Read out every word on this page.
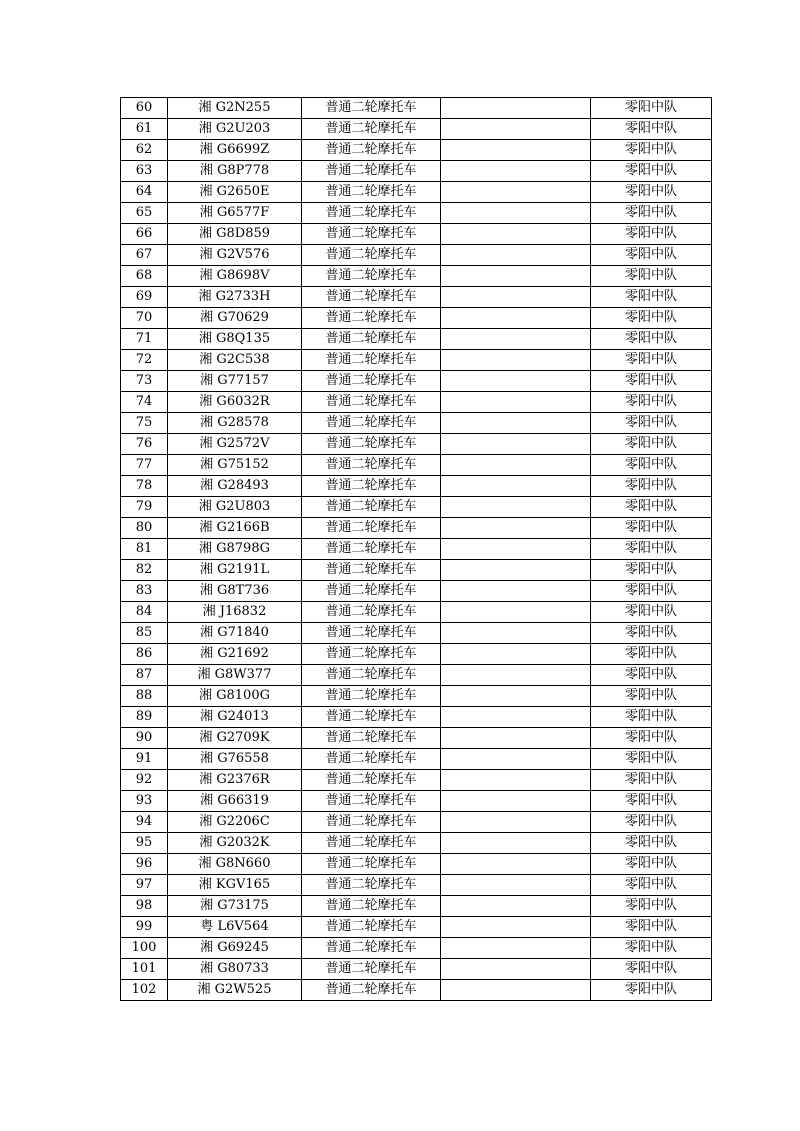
60	湘 G2N255	普通二轮摩托车		零阳中队
61	湘 G2U203	普通二轮摩托车		零阳中队
62	湘 G6699Z	普通二轮摩托车		零阳中队
63	湘 G8P778	普通二轮摩托车		零阳中队
64	湘 G2650E	普通二轮摩托车		零阳中队
65	湘 G6577F	普通二轮摩托车		零阳中队
66	湘 G8D859	普通二轮摩托车		零阳中队
67	湘 G2V576	普通二轮摩托车		零阳中队
68	湘 G8698V	普通二轮摩托车		零阳中队
69	湘 G2733H	普通二轮摩托车		零阳中队
70	湘 G70629	普通二轮摩托车		零阳中队
71	湘 G8Q135	普通二轮摩托车		零阳中队
72	湘 G2C538	普通二轮摩托车		零阳中队
73	湘 G77157	普通二轮摩托车		零阳中队
74	湘 G6032R	普通二轮摩托车		零阳中队
75	湘 G28578	普通二轮摩托车		零阳中队
76	湘 G2572V	普通二轮摩托车		零阳中队
77	湘 G75152	普通二轮摩托车		零阳中队
78	湘 G28493	普通二轮摩托车		零阳中队
79	湘 G2U803	普通二轮摩托车		零阳中队
80	湘 G2166B	普通二轮摩托车		零阳中队
81	湘 G8798G	普通二轮摩托车		零阳中队
82	湘 G2191L	普通二轮摩托车		零阳中队
83	湘 G8T736	普通二轮摩托车		零阳中队
84	湘 J16832	普通二轮摩托车		零阳中队
85	湘 G71840	普通二轮摩托车		零阳中队
86	湘 G21692	普通二轮摩托车		零阳中队
87	湘 G8W377	普通二轮摩托车		零阳中队
88	湘 G8100G	普通二轮摩托车		零阳中队
89	湘 G24013	普通二轮摩托车		零阳中队
90	湘 G2709K	普通二轮摩托车		零阳中队
91	湘 G76558	普通二轮摩托车		零阳中队
92	湘 G2376R	普通二轮摩托车		零阳中队
93	湘 G66319	普通二轮摩托车		零阳中队
94	湘 G2206C	普通二轮摩托车		零阳中队
95	湘 G2032K	普通二轮摩托车		零阳中队
96	湘 G8N660	普通二轮摩托车		零阳中队
97	湘 KGV165	普通二轮摩托车		零阳中队
98	湘 G73175	普通二轮摩托车		零阳中队
99	粤 L6V564	普通二轮摩托车		零阳中队
100	湘 G69245	普通二轮摩托车		零阳中队
101	湘 G80733	普通二轮摩托车		零阳中队
102	湘 G2W525	普通二轮摩托车		零阳中队
